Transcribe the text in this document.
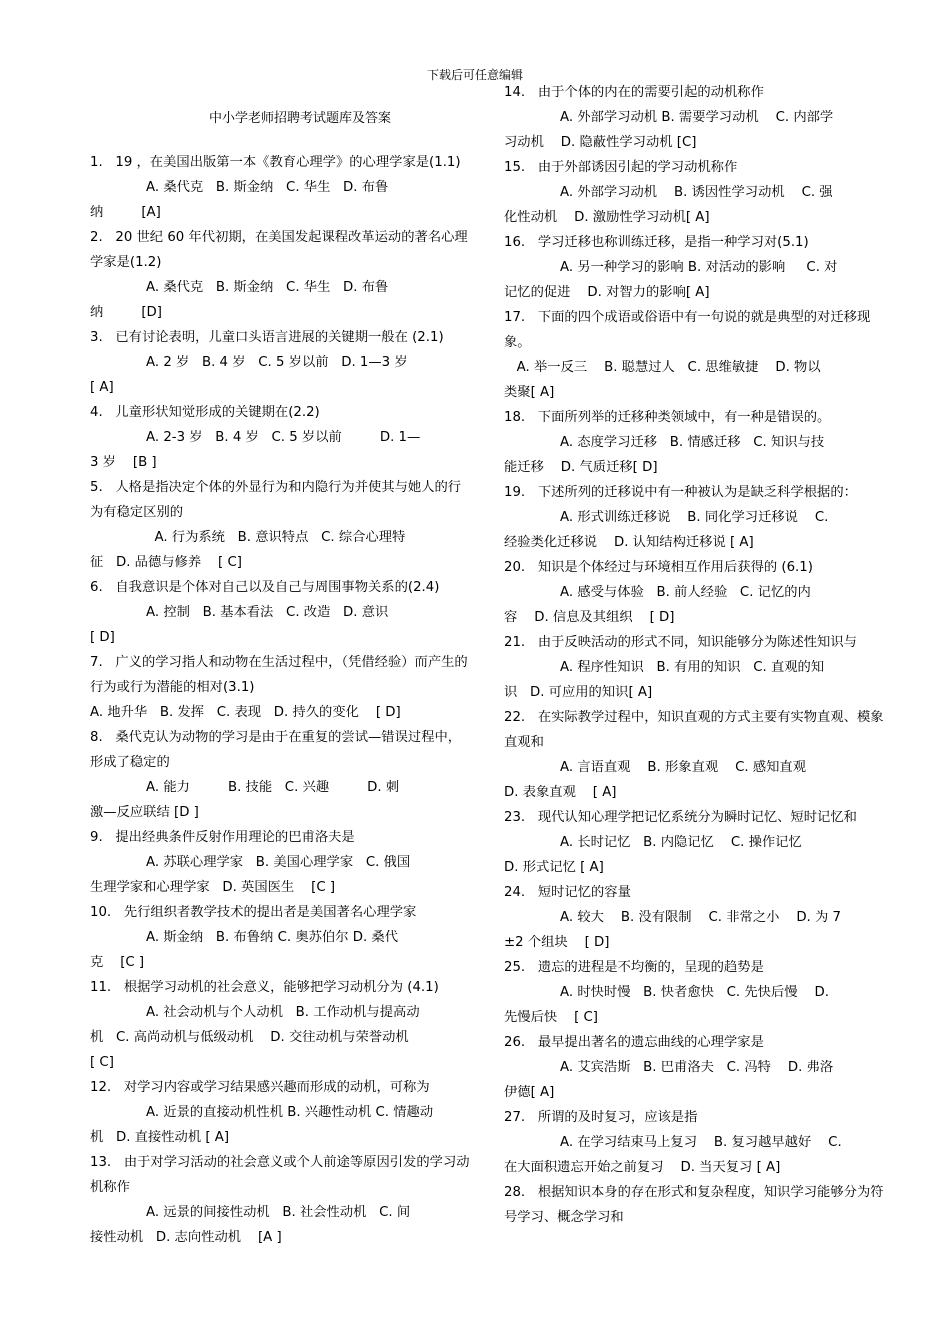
下载后可任意编辑
中小学老师招聘考试题库及答案

1.   19 ，在美国出版第一本《教育心理学》的心理学家是(1.1)

A. 桑代克   B. 斯金纳   C. 华生   D. 布鲁

纳         [A]

2.   20 世纪 60 年代初期，在美国发起课程改革运动的著名心理学家是(1.2)

A. 桑代克   B. 斯金纳   C. 华生   D. 布鲁

纳         [D]

3.   已有讨论表明，儿童口头语言进展的关键期一般在 (2.1)

A. 2 岁   B. 4 岁   C. 5 岁以前   D. 1—3 岁

[ A]

4.   儿童形状知觉形成的关键期在(2.2)

A. 2-3 岁   B. 4 岁   C. 5 岁以前         D. 1—

3 岁    [B ]

5.   人格是指决定个体的外显行为和内隐行为并使其与她人的行为有稳定区别的

A. 行为系统   B. 意识特点   C. 综合心理特

征   D. 品德与修养    [ C]

6.   自我意识是个体对自己以及自己与周围事物关系的(2.4)

A. 控制   B. 基本看法   C. 改造   D. 意识

[ D]

7.   广义的学习指人和动物在生活过程中，（凭借经验）而产生的行为或行为潜能的相对(3.1)

A. 地升华   B. 发挥   C. 表现   D. 持久的变化    [ D]

8.   桑代克认为动物的学习是由于在重复的尝试—错误过程中，形成了稳定的

A. 能力         B. 技能   C. 兴趣         D. 刺

激—反应联结 [D ]

9.   提出经典条件反射作用理论的巴甫洛夫是

A. 苏联心理学家   B. 美国心理学家   C. 俄国

生理学家和心理学家   D. 英国医生    [C ]

10.   先行组织者教学技术的提出者是美国著名心理学家

A. 斯金纳   B. 布鲁纳 C. 奥苏伯尔 D. 桑代

克    [C ]

11.   根据学习动机的社会意义，能够把学习动机分为 (4.1)

A. 社会动机与个人动机   B. 工作动机与提高动

机   C. 高尚动机与低级动机    D. 交往动机与荣誉动机
[ C]

12.   对学习内容或学习结果感兴趣而形成的动机，可称为

A. 近景的直接动机性机 B. 兴趣性动机 C. 情趣动

机   D. 直接性动机 [ A]

13.   由于对学习活动的社会意义或个人前途等原因引发的学习动机称作

A. 远景的间接性动机   B. 社会性动机   C. 间

接性动机   D. 志向性动机    [A ]

14.   由于个体的内在的需要引起的动机称作

A. 外部学习动机 B. 需要学习动机    C. 内部学

习动机    D. 隐蔽性学习动机 [C]

15.   由于外部诱因引起的学习动机称作

A. 外部学习动机    B. 诱因性学习动机    C. 强

化性动机    D. 激励性学习动机[ A]

16.   学习迁移也称训练迁移，是指一种学习对(5.1)

A. 另一种学习的影响 B. 对活动的影响     C. 对

记忆的促进    D. 对智力的影响[ A]

17.   下面的四个成语或俗语中有一句说的就是典型的对迁移现象。

A. 举一反三    B. 聪慧过人   C. 思维敏捷    D. 物以
类聚[ A]

18.   下面所列举的迁移种类领域中，有一种是错误的。

A. 态度学习迁移   B. 情感迁移   C. 知识与技

能迁移    D. 气质迁移[ D]

19.   下述所列的迁移说中有一种被认为是缺乏科学根据的：

A. 形式训练迁移说    B. 同化学习迁移说    C.

经验类化迁移说    D. 认知结构迁移说 [ A]

20.   知识是个体经过与环境相互作用后获得的 (6.1)

A. 感受与体验   B. 前人经验   C. 记忆的内

容    D. 信息及其组织    [ D]

21.   由于反映活动的形式不同，知识能够分为陈述性知识与

A. 程序性知识   B. 有用的知识   C. 直观的知

识   D. 可应用的知识[ A]

22.   在实际教学过程中，知识直观的方式主要有实物直观、模象直观和

A. 言语直观    B. 形象直观    C. 感知直观

D. 表象直观    [ A]

23.   现代认知心理学把记忆系统分为瞬时记忆、短时记忆和

A. 长时记忆   B. 内隐记忆    C. 操作记忆

D. 形式记忆 [ A]

24.   短时记忆的容量

A. 较大    B. 没有限制    C. 非常之小    D. 为 7

±2 个组块    [ D]

25.   遗忘的进程是不均衡的，呈现的趋势是

A. 时快时慢   B. 快者愈快   C. 先快后慢    D.

先慢后快    [ C]

26.   最早提出著名的遗忘曲线的心理学家是

A. 艾宾浩斯   B. 巴甫洛夫   C. 冯特    D. 弗洛

伊德[ A]

27.   所谓的及时复习，应该是指

A. 在学习结束马上复习    B. 复习越早越好    C.

在大面积遗忘开始之前复习    D. 当天复习 [ A]

28.   根据知识本身的存在形式和复杂程度，知识学习能够分为符号学习、概念学习和
